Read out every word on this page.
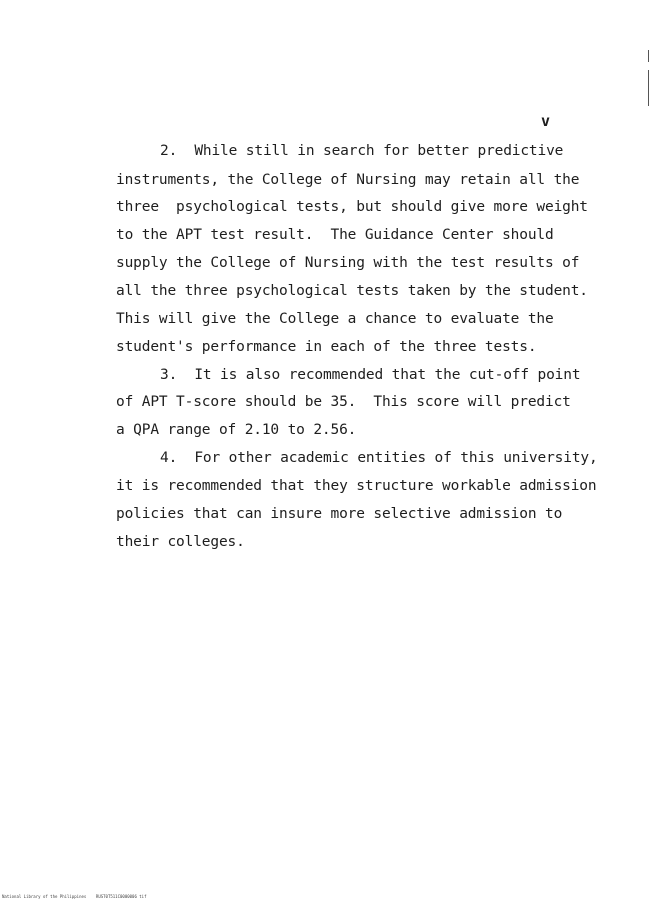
v
2.  While still in search for better predictive
instruments, the College of Nursing may retain all the
three  psychological tests, but should give more weight
to the APT test result.  The Guidance Center should
supply the College of Nursing with the test results of
all the three psychological tests taken by the student.
This will give the College a chance to evaluate the
student's performance in each of the three tests.
3.  It is also recommended that the cut-off point
of APT T-score should be 35.  This score will predict
a QPA range of 2.10 to 2.56.
4.  For other academic entities of this university,
it is recommended that they structure workable admission
policies that can insure more selective admission to
their colleges.
National Library of the Philippines    RUST0T511C0000006 tif
